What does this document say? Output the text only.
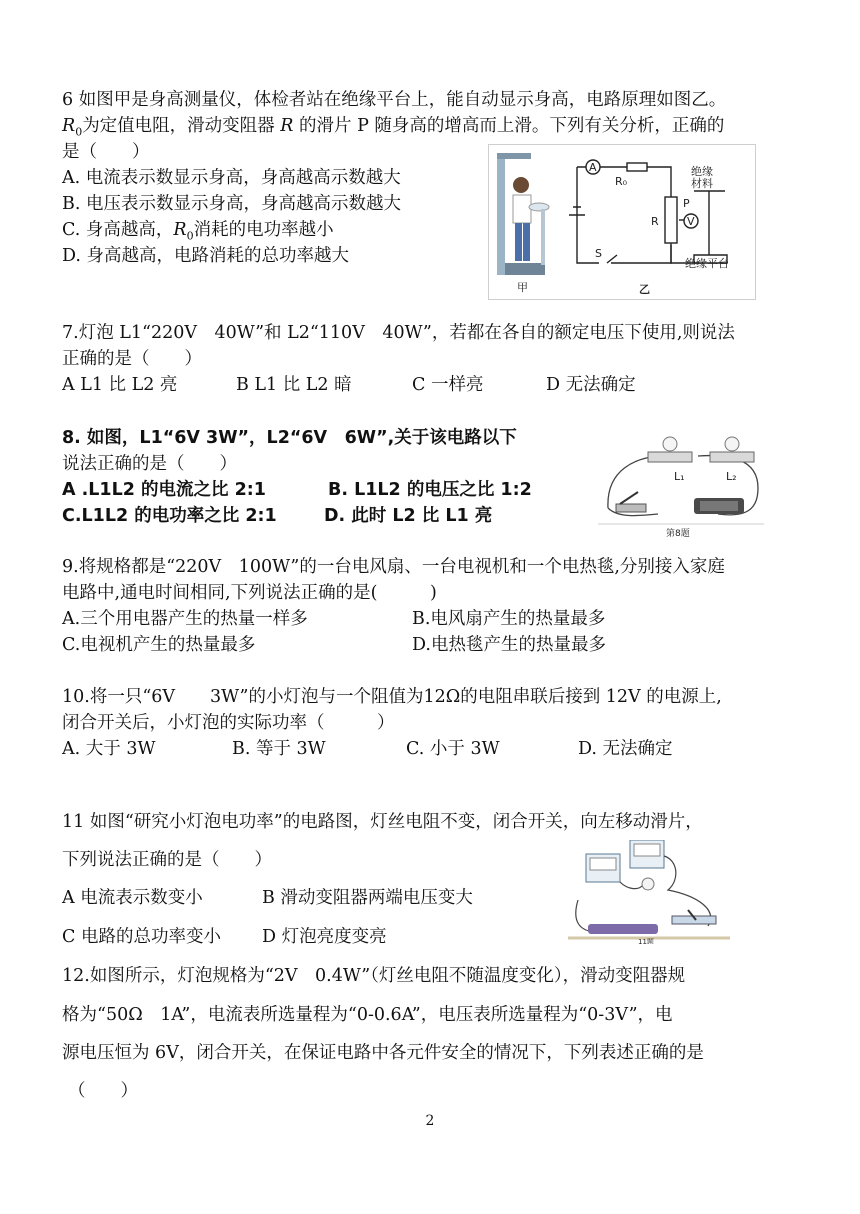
6 如图甲是身高测量仪，体检者站在绝缘平台上，能自动显示身高，电路原理如图乙。
$R_0$为定值电阻，滑动变阻器 R 的滑片 P 随身高的增高而上滑。下列有关分析，正确的
是（　　）
A. 电流表示数显示身高，身高越高示数越大
B. 电压表示数显示身高，身高越高示数越大
C. 身高越高，$R_0$消耗的电功率越小
D. 身高越高，电路消耗的总功率越大
甲
A
R₀
R	V
P
S
绝缘
材料
绝缘平台
乙
7.灯泡 L1“220V　40W”和 L2“110V　40W”，若都在各自的额定电压下使用,则说法
正确的是（　　）
A L1 比 L2 亮	B L1 比 L2 暗	C 一样亮	D 无法确定
8. 如图，L1“6V 3W”，L2“6V　6W”,关于该电路以下
说法正确的是（　　）
A .L1L2 的电流之比 2:1	B. L1L2 的电压之比 1:2
C.L1L2 的电功率之比 2:1	D. 此时 L2 比 L1 亮
L₁	L₂
第8题
9.将规格都是“220V　100W”的一台电风扇、一台电视机和一个电热毯,分别接入家庭
电路中,通电时间相同,下列说法正确的是(　　　)
A.三个用电器产生的热量一样多	B.电风扇产生的热量最多
C.电视机产生的热量最多	D.电热毯产生的热量最多
10.将一只“6V　　3W”的小灯泡与一个阻值为12Ω的电阻串联后接到 12V 的电源上,
闭合开关后，小灯泡的实际功率（　　　）
A. 大于 3W	B. 等于 3W	C. 小于 3W	D. 无法确定
11 如图“研究小灯泡电功率”的电路图，灯丝电阻不变，闭合开关，向左移动滑片，
下列说法正确的是（　　）
A 电流表示数变小	B 滑动变阻器两端电压变大
C 电路的总功率变小 D 灯泡亮度变亮	11题
12.如图所示，灯泡规格为“2V　0.4W”（灯丝电阻不随温度变化），滑动变阻器规
格为“50Ω　1A”，电流表所选量程为“0-0.6A”，电压表所选量程为“0-3V”，电
源电压恒为 6V，闭合开关，在保证电路中各元件安全的情况下，下列表述正确的是
（　　）
2
